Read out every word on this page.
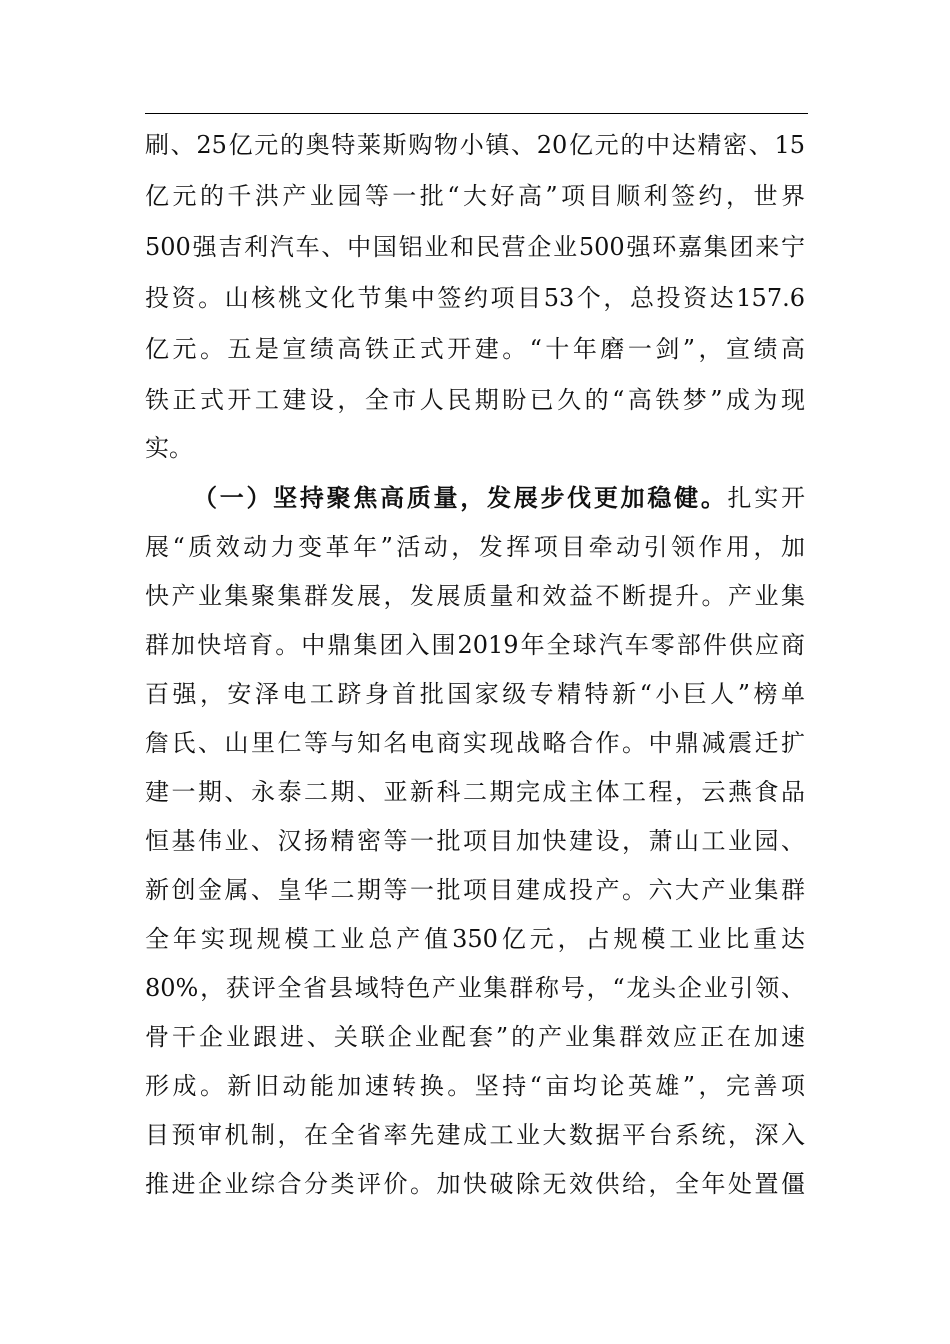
刷、25亿元的奥特莱斯购物小镇、20亿元的中达精密、15
亿元的千洪产业园等一批“大好高”项目顺利签约，世界
500强吉利汽车、中国铝业和民营企业500强环嘉集团来宁
投资。山核桃文化节集中签约项目53个，总投资达157.6
亿元。五是宣绩高铁正式开建。“十年磨一剑”，宣绩高
铁正式开工建设，全市人民期盼已久的“高铁梦”成为现
实。
（一）坚持聚焦高质量，发展步伐更加稳健。扎实开
展“质效动力变革年”活动，发挥项目牵动引领作用，加
快产业集聚集群发展，发展质量和效益不断提升。产业集
群加快培育。中鼎集团入围2019年全球汽车零部件供应商
百强，安泽电工跻身首批国家级专精特新“小巨人”榜单
詹氏、山里仁等与知名电商实现战略合作。中鼎减震迁扩
建一期、永泰二期、亚新科二期完成主体工程，云燕食品
恒基伟业、汉扬精密等一批项目加快建设，萧山工业园、
新创金属、皇华二期等一批项目建成投产。六大产业集群
全年实现规模工业总产值350亿元，占规模工业比重达
80%，获评全省县域特色产业集群称号，“龙头企业引领、
骨干企业跟进、关联企业配套”的产业集群效应正在加速
形成。新旧动能加速转换。坚持“亩均论英雄”，完善项
目预审机制，在全省率先建成工业大数据平台系统，深入
推进企业综合分类评价。加快破除无效供给，全年处置僵
